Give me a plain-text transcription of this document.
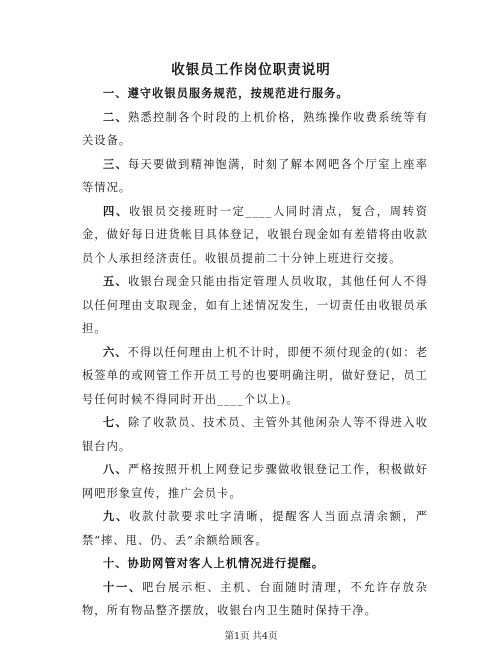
收银员工作岗位职责说明

一、遵守收银员服务规范，按规范进行服务。

二、熟悉控制各个时段的上机价格，熟练操作收费系统等有关设备。

三、每天要做到精神饱满，时刻了解本网吧各个厅室上座率等情况。

四、收银员交接班时一定____人同时清点，复合，周转资金，做好每日进货帐目具体登记，收银台现金如有差错将由收款员个人承担经济责任。收银员提前二十分钟上班进行交接。

五、收银台现金只能由指定管理人员收取，其他任何人不得以任何理由支取现金，如有上述情况发生，一切责任由收银员承担。

六、不得以任何理由上机不计时，即便不须付现金的(如：老板签单的或网管工作开员工号的也要明确注明，做好登记，员工号任何时候不得同时开出____个以上)。

七、除了收款员、技术员、主管外其他闲杂人等不得进入收银台内。

八、严格按照开机上网登记步骤做收银登记工作，积极做好网吧形象宣传，推广会员卡。

九、收款付款要求吐字清晰，提醒客人当面点清余额，严禁“摔、甩、仍、丢”余额给顾客。

十、协助网管对客人上机情况进行提醒。

十一、吧台展示柜、主机、台面随时清理，不允许存放杂物，所有物品整齐摆放，收银台内卫生随时保持干净。

第1页 共4页
